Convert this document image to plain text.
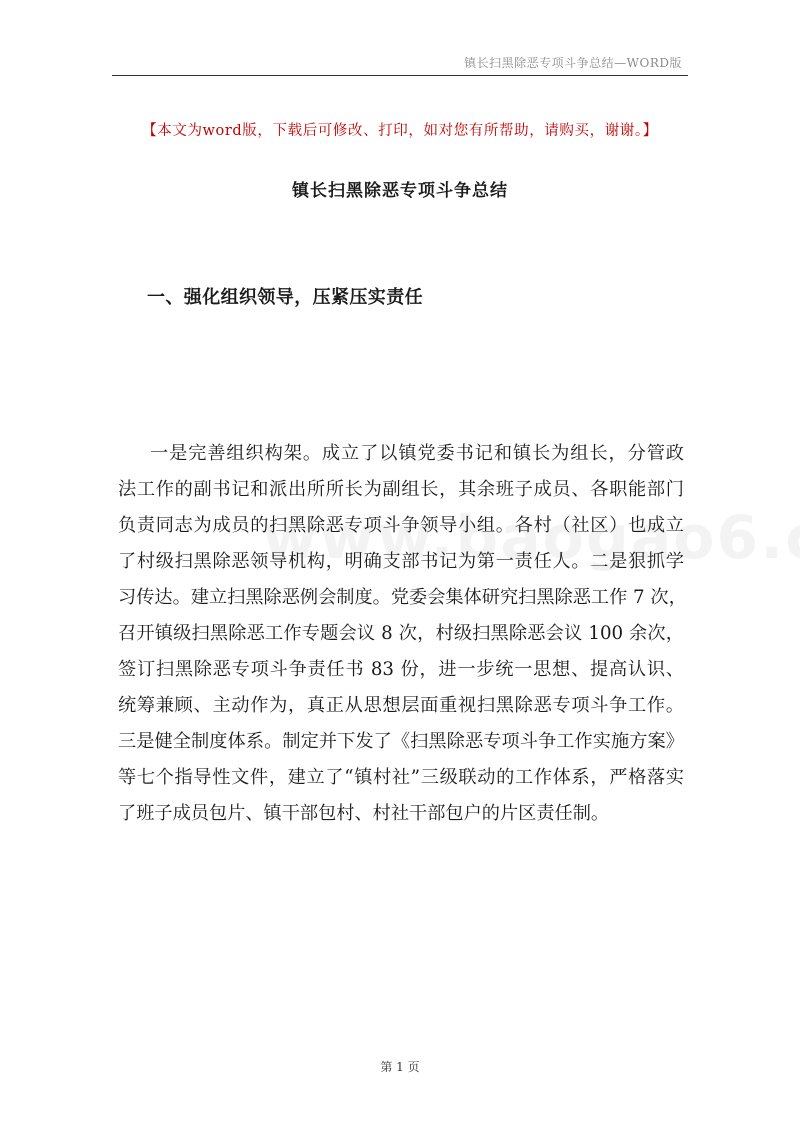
镇长扫黑除恶专项斗争总结—WORD版
【本文为word版，下载后可修改、打印，如对您有所帮助，请购买，谢谢。】
镇长扫黑除恶专项斗争总结
一、强化组织领导，压紧压实责任

一是完善组织构架。成立了以镇党委书记和镇长为组长，分管政

法工作的副书记和派出所所长为副组长，其余班子成员、各职能部门

负责同志为成员的扫黑除恶专项斗争领导小组。各村（社区）也成立

了村级扫黑除恶领导机构，明确支部书记为第一责任人。二是狠抓学

习传达。建立扫黑除恶例会制度。党委会集体研究扫黑除恶工作 7 次，

召开镇级扫黑除恶工作专题会议 8 次，村级扫黑除恶会议 100 余次，

签订扫黑除恶专项斗争责任书 83 份，进一步统一思想、提高认识、

统筹兼顾、主动作为，真正从思想层面重视扫黑除恶专项斗争工作。

三是健全制度体系。制定并下发了《扫黑除恶专项斗争工作实施方案》

等七个指导性文件，建立了“镇村社”三级联动的工作体系，严格落实

了班子成员包片、镇干部包村、村社干部包户的片区责任制。

第 1 页
